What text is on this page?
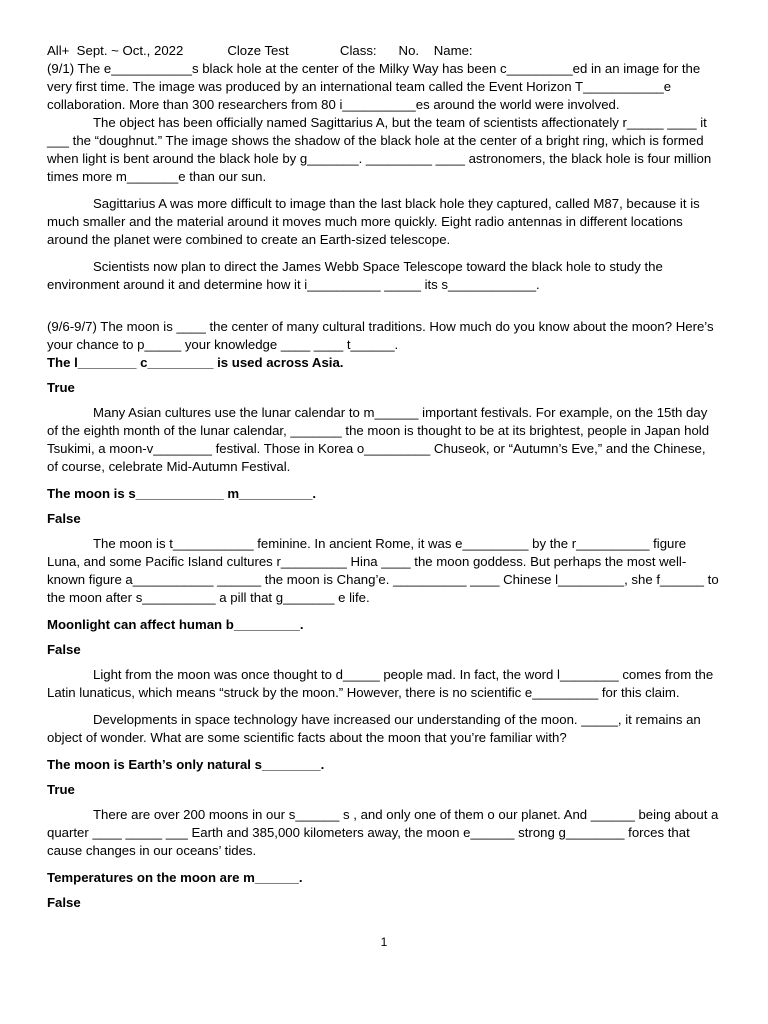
All+  Sept. ~ Oct., 2022            Cloze Test              Class:      No.    Name:

(9/1) The e___________s black hole at the center of the Milky Way has been c_________ed in an image for the very first time. The image was produced by an international team called the Event Horizon T___________e collaboration. More than 300 researchers from 80 i__________es around the world were involved.

The object has been officially named Sagittarius A, but the team of scientists affectionately r_____ ____ it ___ the “doughnut.” The image shows the shadow of the black hole at the center of a bright ring, which is formed when light is bent around the black hole by g_______. _________ ____ astronomers, the black hole is four million times more m_______e than our sun.

Sagittarius A was more difficult to image than the last black hole they captured, called M87, because it is much smaller and the material around it moves much more quickly. Eight radio antennas in different locations around the planet were combined to create an Earth-sized telescope.

Scientists now plan to direct the James Webb Space Telescope toward the black hole to study the environment around it and determine how it i__________ _____ its s____________.

(9/6-9/7) The moon is ____ the center of many cultural traditions. How much do you know about the moon? Here’s your chance to p_____ your knowledge ____ ____ t______.

The l________ c_________ is used across Asia.
True

Many Asian cultures use the lunar calendar to m______ important festivals. For example, on the 15th day of the eighth month of the lunar calendar, _______ the moon is thought to be at its brightest, people in Japan hold Tsukimi, a moon-v________ festival. Those in Korea o_________ Chuseok, or “Autumn’s Eve,” and the Chinese, of course, celebrate Mid-Autumn Festival.

The moon is s____________ m__________.
False

The moon is t___________ feminine. In ancient Rome, it was e_________ by the r__________ figure Luna, and some Pacific Island cultures r_________ Hina ____ the moon goddess. But perhaps the most well-known figure a___________ ______ the moon is Chang’e. __________ ____ Chinese l_________, she f______ to the moon after s__________ a pill that g_______ e life.

Moonlight can affect human b_________.
False

Light from the moon was once thought to d_____ people mad. In fact, the word l________ comes from the Latin lunaticus, which means “struck by the moon.” However, there is no scientific e_________ for this claim.

Developments in space technology have increased our understanding of the moon. _____, it remains an object of wonder. What are some scientific facts about the moon that you’re familiar with?

The moon is Earth’s only natural s________.
True

There are over 200 moons in our s______ s , and only one of them o our planet. And ______ being about a quarter ____ _____ ___ Earth and 385,000 kilometers away, the moon e______ strong g________ forces that cause changes in our oceans’ tides.

Temperatures on the moon are m______.
False
1
